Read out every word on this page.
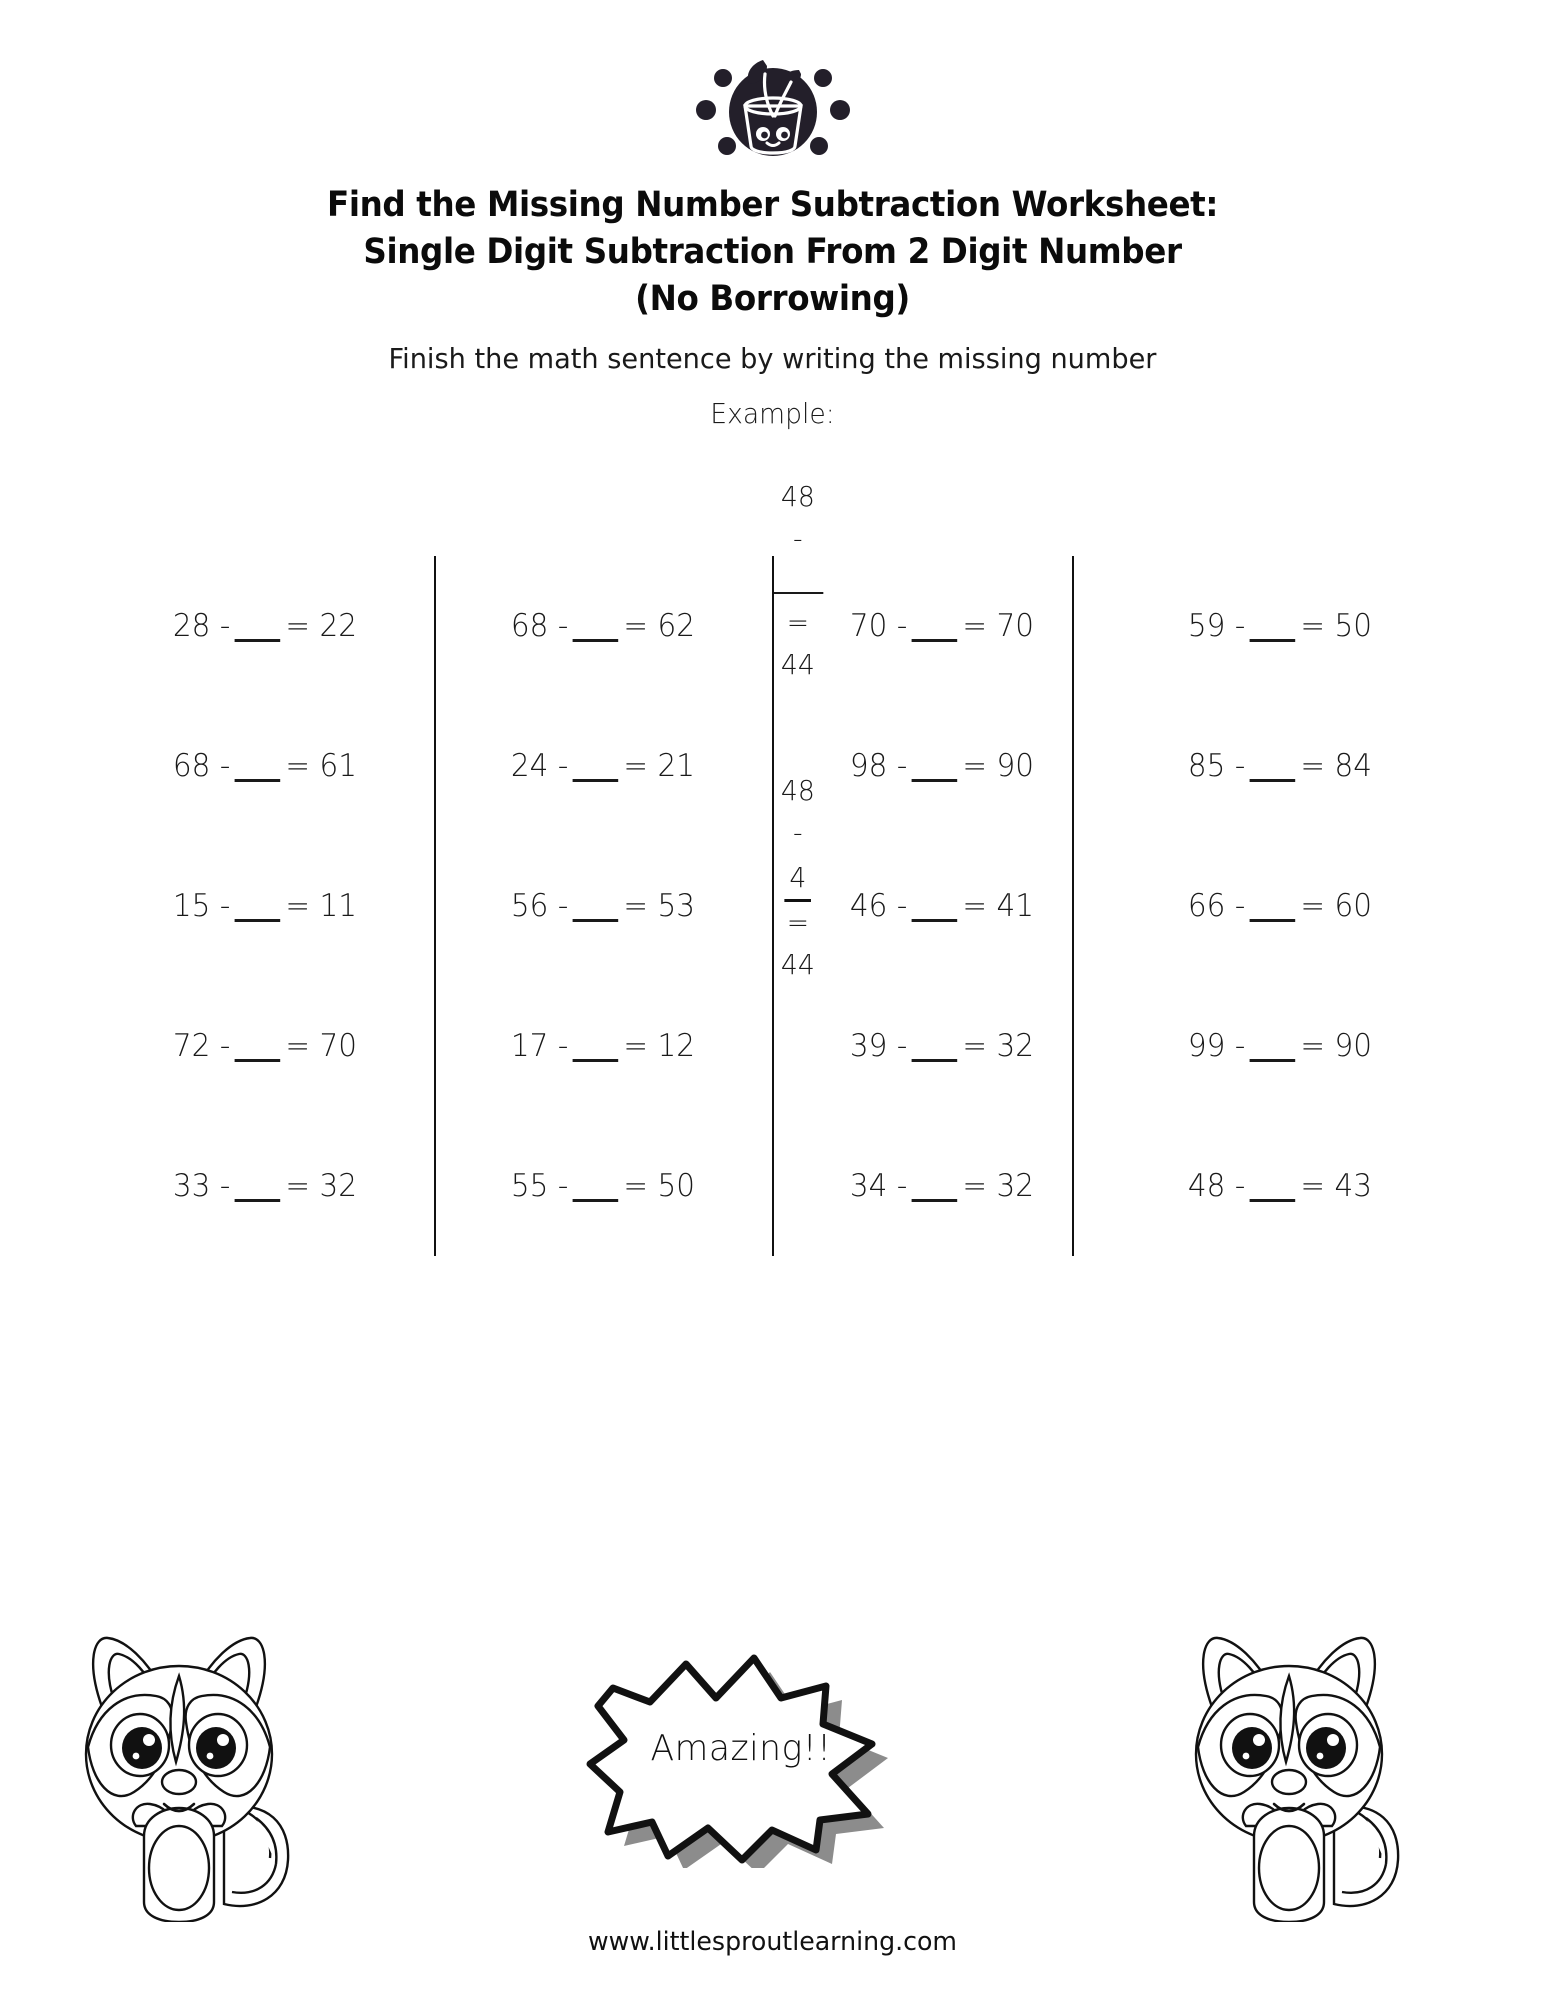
Find the Missing Number Subtraction Worksheet:
Single Digit Subtraction From 2 Digit Number
(No Borrowing)
Finish the math sentence by writing the missing number
Example:

48
-

=
44

48
-
4
=
44

28 - = 22	68 - = 62	70 - = 70	59 - = 50
68 - = 61	24 - = 21	98 - = 90	85 - = 84
15 - = 11	56 - = 53	46 - = 41	66 - = 60
72 - = 70	17 - = 12	39 - = 32	99 - = 90
33 - = 32	55 - = 50	34 - = 32	48 - = 43
Amazing!!
www.littlesproutlearning.com
